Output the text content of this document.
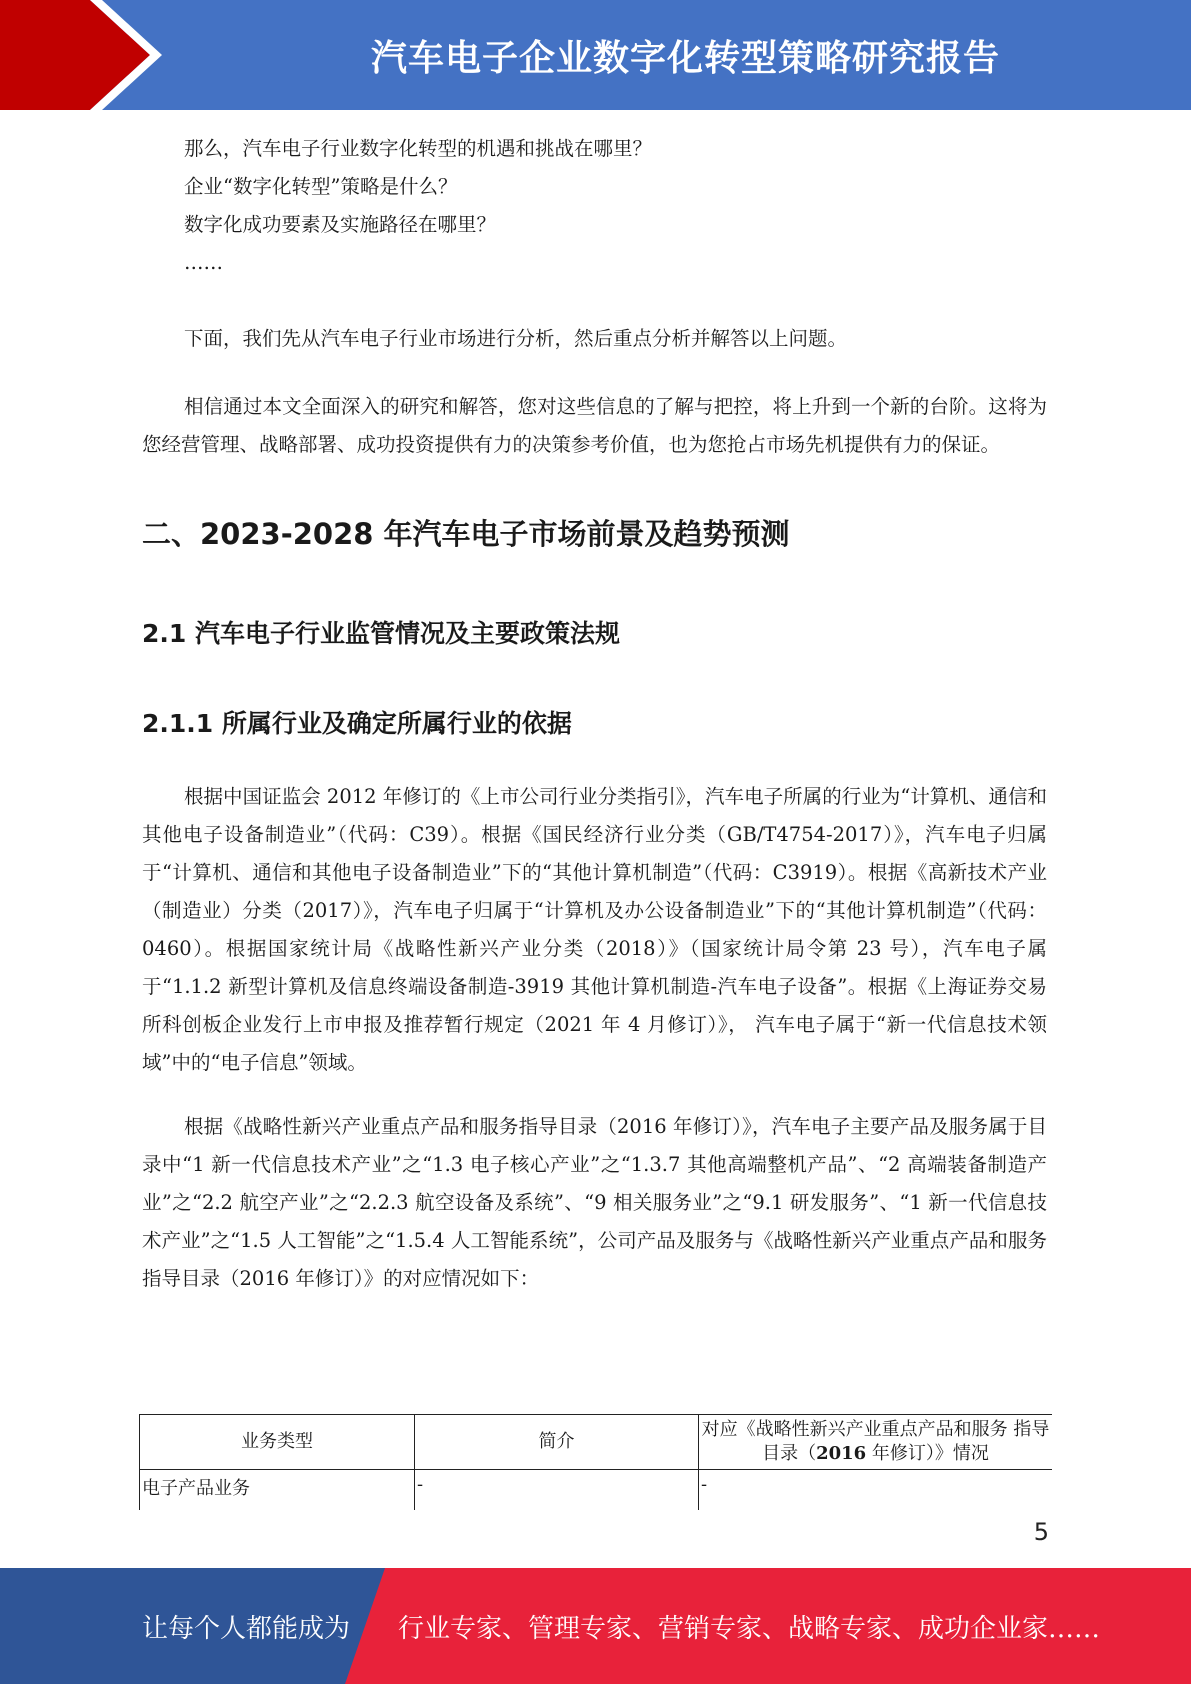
汽车电子企业数字化转型策略研究报告

那么，汽车电子行业数字化转型的机遇和挑战在哪里？

企业“数字化转型”策略是什么？

数字化成功要素及实施路径在哪里？

……

下面，我们先从汽车电子行业市场进行分析，然后重点分析并解答以上问题。

相信通过本文全面深入的研究和解答，您对这些信息的了解与把控，将上升到一个新的台阶。这将为您经营管理、战略部署、成功投资提供有力的决策参考价值，也为您抢占市场先机提供有力的保证。

二、2023-2028 年汽车电子市场前景及趋势预测
2.1 汽车电子行业监管情况及主要政策法规
2.1.1 所属行业及确定所属行业的依据

根据中国证监会 2012 年修订的《上市公司行业分类指引》，汽车电子所属的行业为“计算机、通信和其他电子设备制造业”（代码：C39）。根据《国民经济行业分类（GB/T4754-2017）》，汽车电子归属于“计算机、通信和其他电子设备制造业”下的“其他计算机制造”（代码：C3919）。根据《高新技术产业（制造业）分类（2017）》，汽车电子归属于“计算机及办公设备制造业”下的“其他计算机制造”（代码：0460）。根据国家统计局《战略性新兴产业分类（2018）》（国家统计局令第 23 号），汽车电子属于“1.1.2 新型计算机及信息终端设备制造-3919 其他计算机制造-汽车电子设备”。根据《上海证券交易所科创板企业发行上市申报及推荐暂行规定（2021 年 4 月修订）》， 汽车电子属于“新一代信息技术领域”中的“电子信息”领域。

根据《战略性新兴产业重点产品和服务指导目录（2016 年修订）》，汽车电子主要产品及服务属于目录中“1 新一代信息技术产业”之“1.3 电子核心产业”之“1.3.7 其他高端整机产品”、“2 高端装备制造产业”之“2.2 航空产业”之“2.2.3 航空设备及系统”、“9 相关服务业”之“9.1 研发服务”、“1 新一代信息技术产业”之“1.5 人工智能”之“1.5.4 人工智能系统”，公司产品及服务与《战略性新兴产业重点产品和服务指导目录（2016 年修订）》的对应情况如下：

业务类型	简介	对应《战略性新兴产业重点产品和服务 指导目录（2016 年修订）》情况
电子产品业务	-	-
5
让每个人都能成为 行业专家、管理专家、营销专家、战略专家、成功企业家……
